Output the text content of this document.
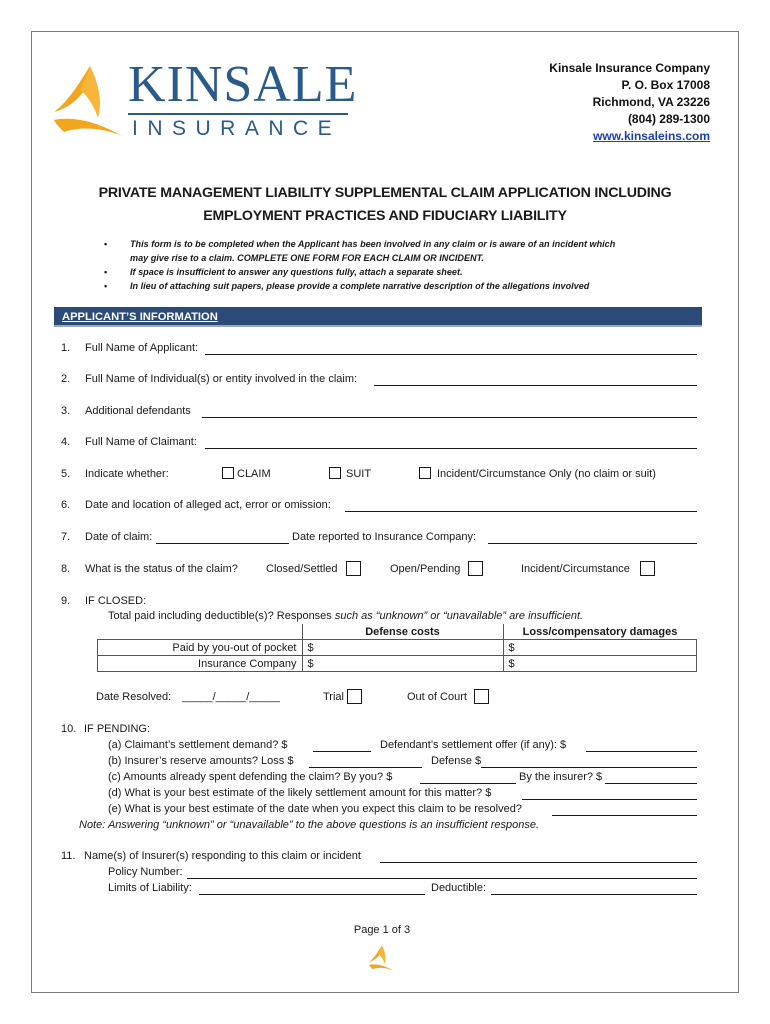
KINSALE
INSURANCE
Kinsale Insurance Company
P. O. Box 17008
Richmond, VA 23226
(804) 289-1300
www.kinsaleins.com
PRIVATE MANAGEMENT LIABILITY SUPPLEMENTAL CLAIM APPLICATION INCLUDING
EMPLOYMENT PRACTICES AND FIDUCIARY LIABILITY
•	This form is to be completed when the Applicant has been involved in any claim or is aware of an incident which
may give rise to a claim. COMPLETE ONE FORM FOR EACH CLAIM OR INCIDENT.
•	If space is insufficient to answer any questions fully, attach a separate sheet.
•	In lieu of attaching suit papers, please provide a complete narrative description of the allegations involved
APPLICANT’S INFORMATION
1. Full Name of Applicant:
2. Full Name of Individual(s) or entity involved in the claim:
3. Additional defendants
4. Full Name of Claimant:
5. Indicate whether:	CLAIM	SUIT	Incident/Circumstance Only (no claim or suit)
6. Date and location of alleged act, error or omission:
7. Date of claim:	Date reported to Insurance Company:
8. What is the status of the claim?	Closed/Settled	Open/Pending	Incident/Circumstance
9. IF CLOSED:
Total paid including deductible(s)? Responses such as “unknown” or “unavailable” are insufficient.
	Defense costs	Loss/compensatory damages
Paid by you-out of pocket	$	$
Insurance Company	$	$
Date Resolved: _____/_____/_____	Trial	Out of Court
10. IF PENDING:
(a) Claimant’s settlement demand? $	Defendant’s settlement offer (if any): $
(b) Insurer’s reserve amounts? Loss $	Defense $
(c) Amounts already spent defending the claim? By you? $	By the insurer? $
(d) What is your best estimate of the likely settlement amount for this matter? $
(e) What is your best estimate of the date when you expect this claim to be resolved?
Note: Answering “unknown” or “unavailable” to the above questions is an insufficient response.
11. Name(s) of Insurer(s) responding to this claim or incident
Policy Number:
Limits of Liability:	Deductible:
Page 1 of 3
